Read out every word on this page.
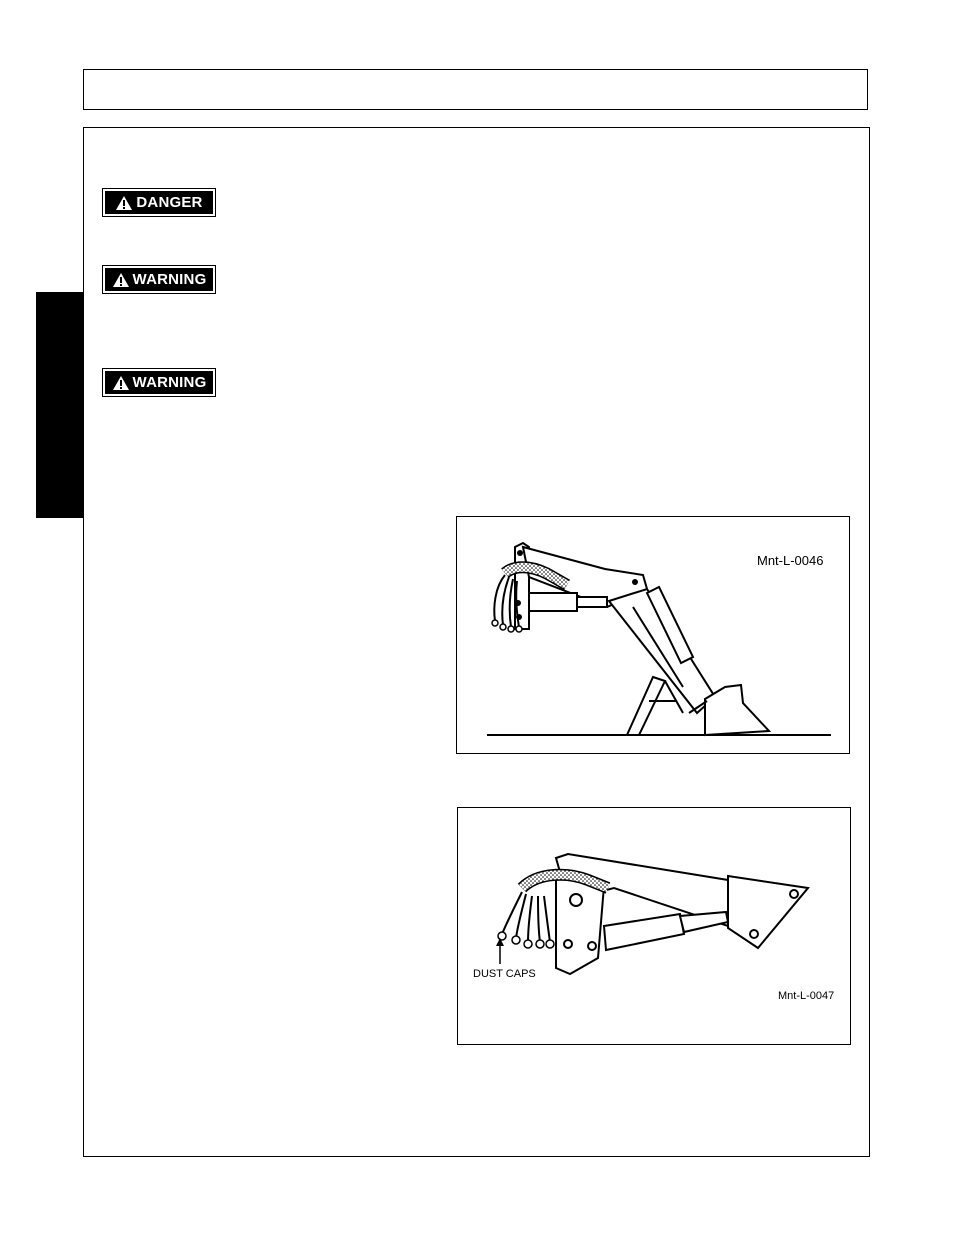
DANGER
WARNING
WARNING
Mnt-L-0046
DUST CAPS
Mnt-L-0047
